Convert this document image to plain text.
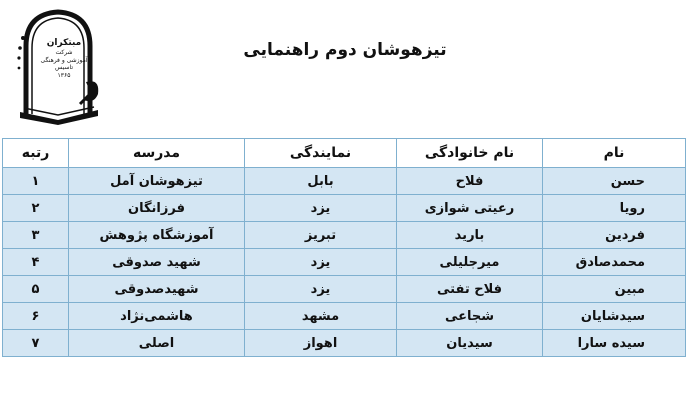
مبتکران
شرکت
آموزشی و فرهنگی
تاسیس
۱۳۶۵
تیزهوشان دوم راهنمایی
نام	نام خانوادگی	نمایندگی	مدرسه	رتبه
حسن	فلاح	بابل	تیزهوشان آمل	۱
رویا	رعیتی شوازی	یزد	فرزانگان	۲
فردین	بارید	تبریز	آموزشگاه پژوهش	۳
محمدصادق	میرجلیلی	یزد	شهید صدوقی	۴
مبین	فلاح تفتی	یزد	شهیدصدوقی	۵
سیدشایان	شجاعی	مشهد	هاشمی‌نژاد	۶
سیده سارا	سیدیان	اهواز	اصلی	۷
